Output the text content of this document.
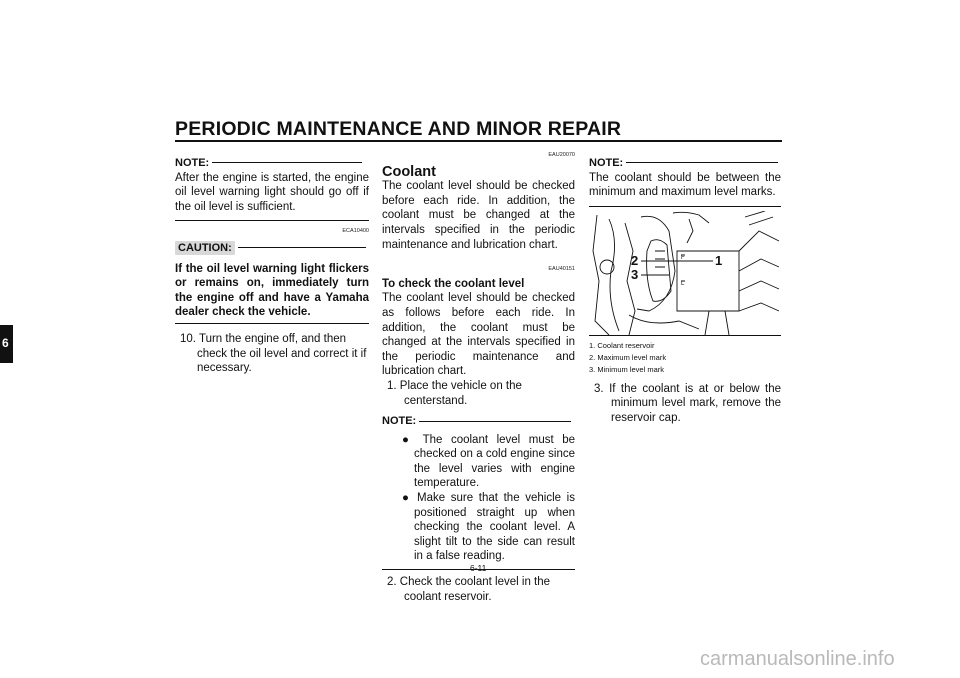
PERIODIC MAINTENANCE AND MINOR REPAIR
6
NOTE:
After the engine is started, the engine oil level warning light should go off if the oil level is sufficient.
ECA10400
CAUTION:
If the oil level warning light flickers or remains on, immediately turn the engine off and have a Yamaha dealer check the vehicle.
10. Turn the engine off, and then check the oil level and correct it if necessary.
EAU20070
Coolant
The coolant level should be checked before each ride. In addition, the coolant must be changed at the intervals specified in the periodic maintenance and lubrication chart.
EAU40151
To check the coolant level
The coolant level should be checked as follows before each ride. In addition, the coolant must be changed at the intervals specified in the periodic maintenance and lubrication chart.
1. Place the vehicle on the centerstand.
NOTE:
● The coolant level must be checked on a cold engine since the level varies with engine temperature.
● Make sure that the vehicle is positioned straight up when checking the coolant level. A slight tilt to the side can result in a false reading.
2. Check the coolant level in the coolant reservoir.
NOTE:
The coolant should be between the minimum and maximum level marks.
F
L
1
2
3
1. Coolant reservoir
2. Maximum level mark
3. Minimum level mark
3. If the coolant is at or below the minimum level mark, remove the reservoir cap.
6-11
carmanualsonline.info
